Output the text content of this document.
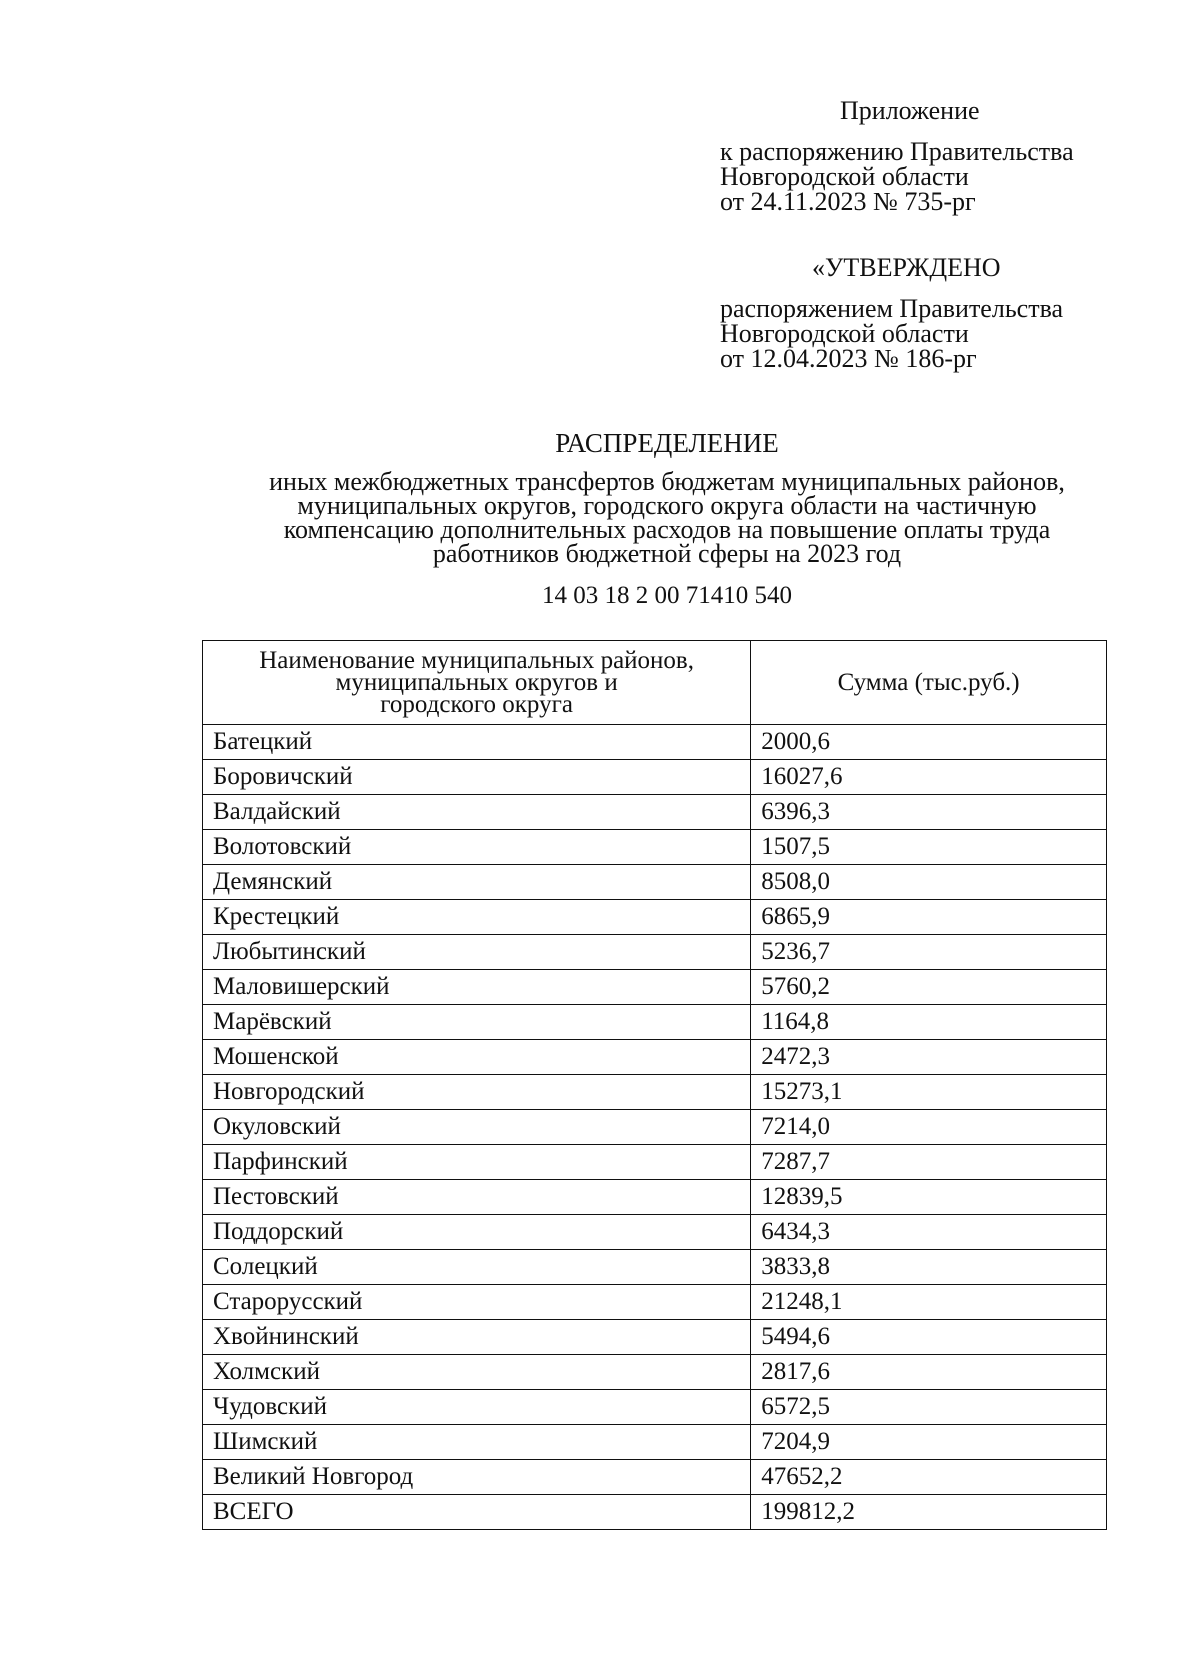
Приложение
к распоряжению Правительства
Новгородской области
от 24.11.2023 № 735-рг
«УТВЕРЖДЕНО
распоряжением Правительства
Новгородской области
от 12.04.2023 № 186-рг
РАСПРЕДЕЛЕНИЕ
иных межбюджетных трансфертов бюджетам муниципальных районов,
муниципальных округов, городского округа области на частичную
компенсацию дополнительных расходов на повышение оплаты труда
работников бюджетной сферы на 2023 год
14 03 18 2 00 71410 540
Наименование муниципальных районов,
муниципальных округов и
городского округа	Сумма (тыс.руб.)
Батецкий	2000,6
Боровичский	16027,6
Валдайский	6396,3
Волотовский	1507,5
Демянский	8508,0
Крестецкий	6865,9
Любытинский	5236,7
Маловишерский	5760,2
Марёвский	1164,8
Мошенской	2472,3
Новгородский	15273,1
Окуловский	7214,0
Парфинский	7287,7
Пестовский	12839,5
Поддорский	6434,3
Солецкий	3833,8
Старорусский	21248,1
Хвойнинский	5494,6
Холмский	2817,6
Чудовский	6572,5
Шимский	7204,9
Великий Новгород	47652,2
ВСЕГО	199812,2
